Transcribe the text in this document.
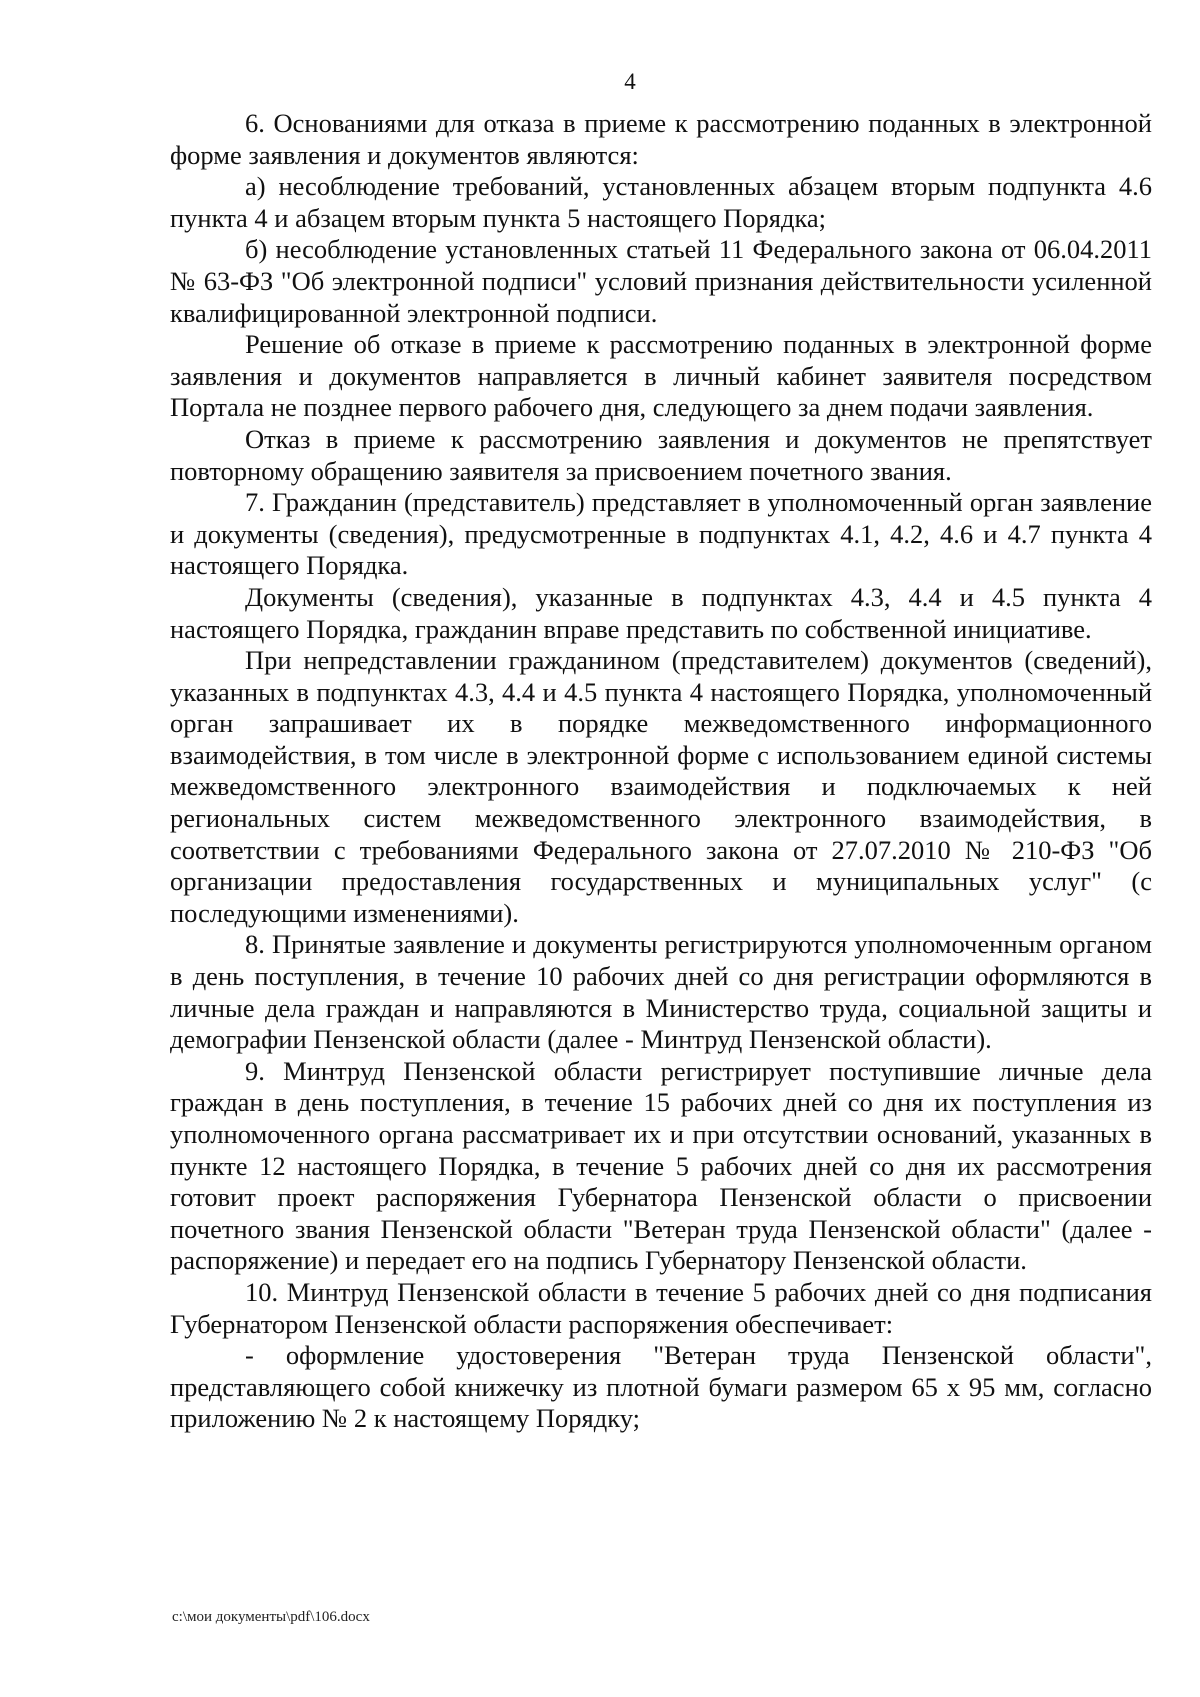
4

6. Основаниями для отказа в приеме к рассмотрению поданных в электронной форме заявления и документов являются:

а) несоблюдение требований, установленных абзацем вторым подпункта 4.6 пункта 4 и абзацем вторым пункта 5 настоящего Порядка;

б) несоблюдение установленных статьей 11 Федерального закона от 06.04.2011 № 63-ФЗ "Об электронной подписи" условий признания действительности усиленной квалифицированной электронной подписи.

Решение об отказе в приеме к рассмотрению поданных в электронной форме заявления и документов направляется в личный кабинет заявителя посредством Портала не позднее первого рабочего дня, следующего за днем подачи заявления.

Отказ в приеме к рассмотрению заявления и документов не препятствует повторному обращению заявителя за присвоением почетного звания.

7. Гражданин (представитель) представляет в уполномоченный орган заявление и документы (сведения), предусмотренные в подпунктах 4.1, 4.2, 4.6 и 4.7 пункта 4 настоящего Порядка.

Документы (сведения), указанные в подпунктах 4.3, 4.4 и 4.5 пункта 4 настоящего Порядка, гражданин вправе представить по собственной инициативе.

При непредставлении гражданином (представителем) документов (сведений), указанных в подпунктах 4.3, 4.4 и 4.5 пункта 4 настоящего Порядка, уполномоченный орган запрашивает их в порядке межведомственного информационного взаимодействия, в том числе в электронной форме с использованием единой системы межведомственного электронного взаимодействия и подключаемых к ней региональных систем межведомственного электронного взаимодействия, в соответствии с требованиями Федерального закона от 27.07.2010 № 210-ФЗ "Об организации предоставления государственных и муниципальных услуг" (с последующими изменениями).

8. Принятые заявление и документы регистрируются уполномоченным органом в день поступления, в течение 10 рабочих дней со дня регистрации оформляются в личные дела граждан и направляются в Министерство труда, социальной защиты и демографии Пензенской области (далее - Минтруд Пензенской области).

9. Минтруд Пензенской области регистрирует поступившие личные дела граждан в день поступления, в течение 15 рабочих дней со дня их поступления из уполномоченного органа рассматривает их и при отсутствии оснований, указанных в пункте 12 настоящего Порядка, в течение 5 рабочих дней со дня их рассмотрения готовит проект распоряжения Губернатора Пензенской области о присвоении почетного звания Пензенской области "Ветеран труда Пензенской области" (далее - распоряжение) и передает его на подпись Губернатору Пензенской области.

10. Минтруд Пензенской области в течение 5 рабочих дней со дня подписания Губернатором Пензенской области распоряжения обеспечивает:

- оформление удостоверения "Ветеран труда Пензенской области", представляющего собой книжечку из плотной бумаги размером 65 х 95 мм, согласно приложению № 2 к настоящему Порядку;

c:\мои документы\pdf\106.docx
